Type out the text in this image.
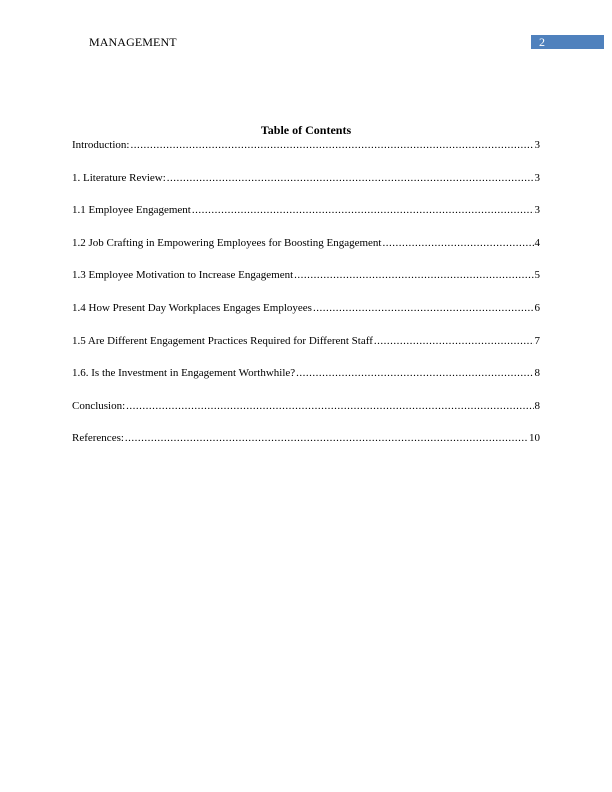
MANAGEMENT	2
Table of Contents
Introduction: .....	3
1. Literature Review: .....	3
1.1 Employee Engagement .....	3
1.2 Job Crafting in Empowering Employees for Boosting Engagement .....	4
1.3 Employee Motivation to Increase Engagement .....	5
1.4 How Present Day Workplaces Engages Employees .....	6
1.5 Are Different Engagement Practices Required for Different Staff .....	7
1.6. Is the Investment in Engagement Worthwhile? .....	8
Conclusion: .....	8
References: .....	10
